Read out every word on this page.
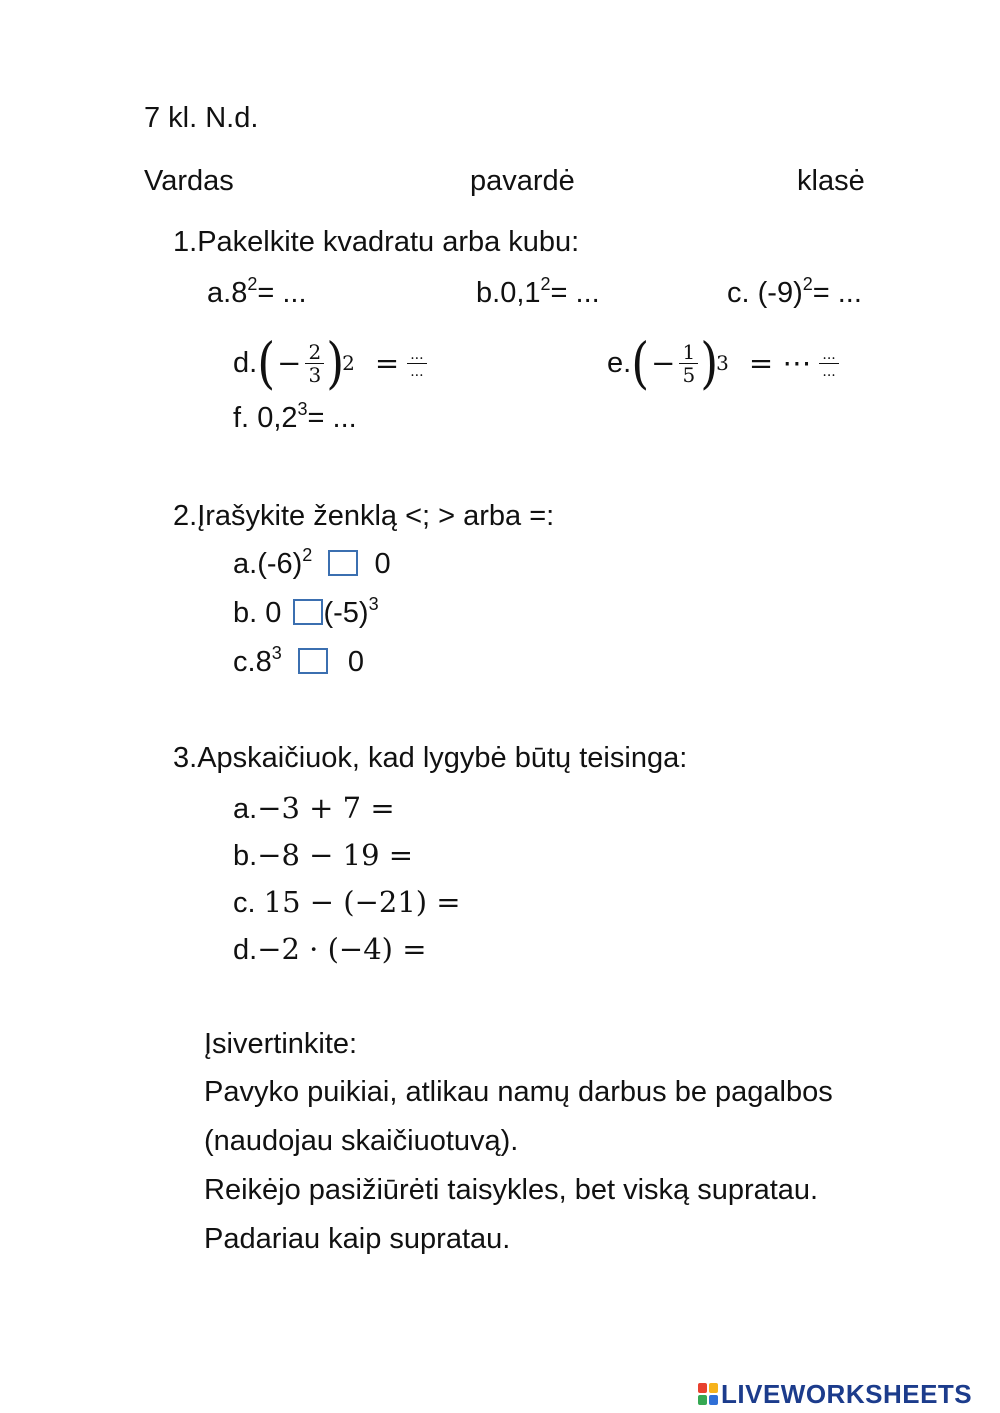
7 kl. N.d.
Vardas	pavardė	klasė
1.Pakelkite kvadratu arba kubu:
$a.8^2=$ ...	$b.0,1^2=$ ...	c. $(-9)^2=$ ...
d. ( − $\frac{2}{3}$ )
$2 = \frac{...}{...}$	e. ( − $\frac{1}{5}$ )
3 = ⋯ $\frac{...}{...}$
f. $0,2^3=$ ...
2.Įrašykite ženklą <; > arba =:
$a.(-6)^2$ 0
b. 0 $(-5)^3$
$c.8^3$ 0
3.Apskaičiuok, kad lygybė būtų teisinga:
a.−3 + 7 =
b.−8 − 19 =
c. 15 − (−21) =
d.−2 · (−4) =
Įsivertinkite:
Pavyko puikiai, atlikau namų darbus be pagalbos
(naudojau skaičiuotuvą).
Reikėjo pasižiūrėti taisykles, bet viską supratau.
Padariau kaip supratau.
LIVEWORKSHEETS
